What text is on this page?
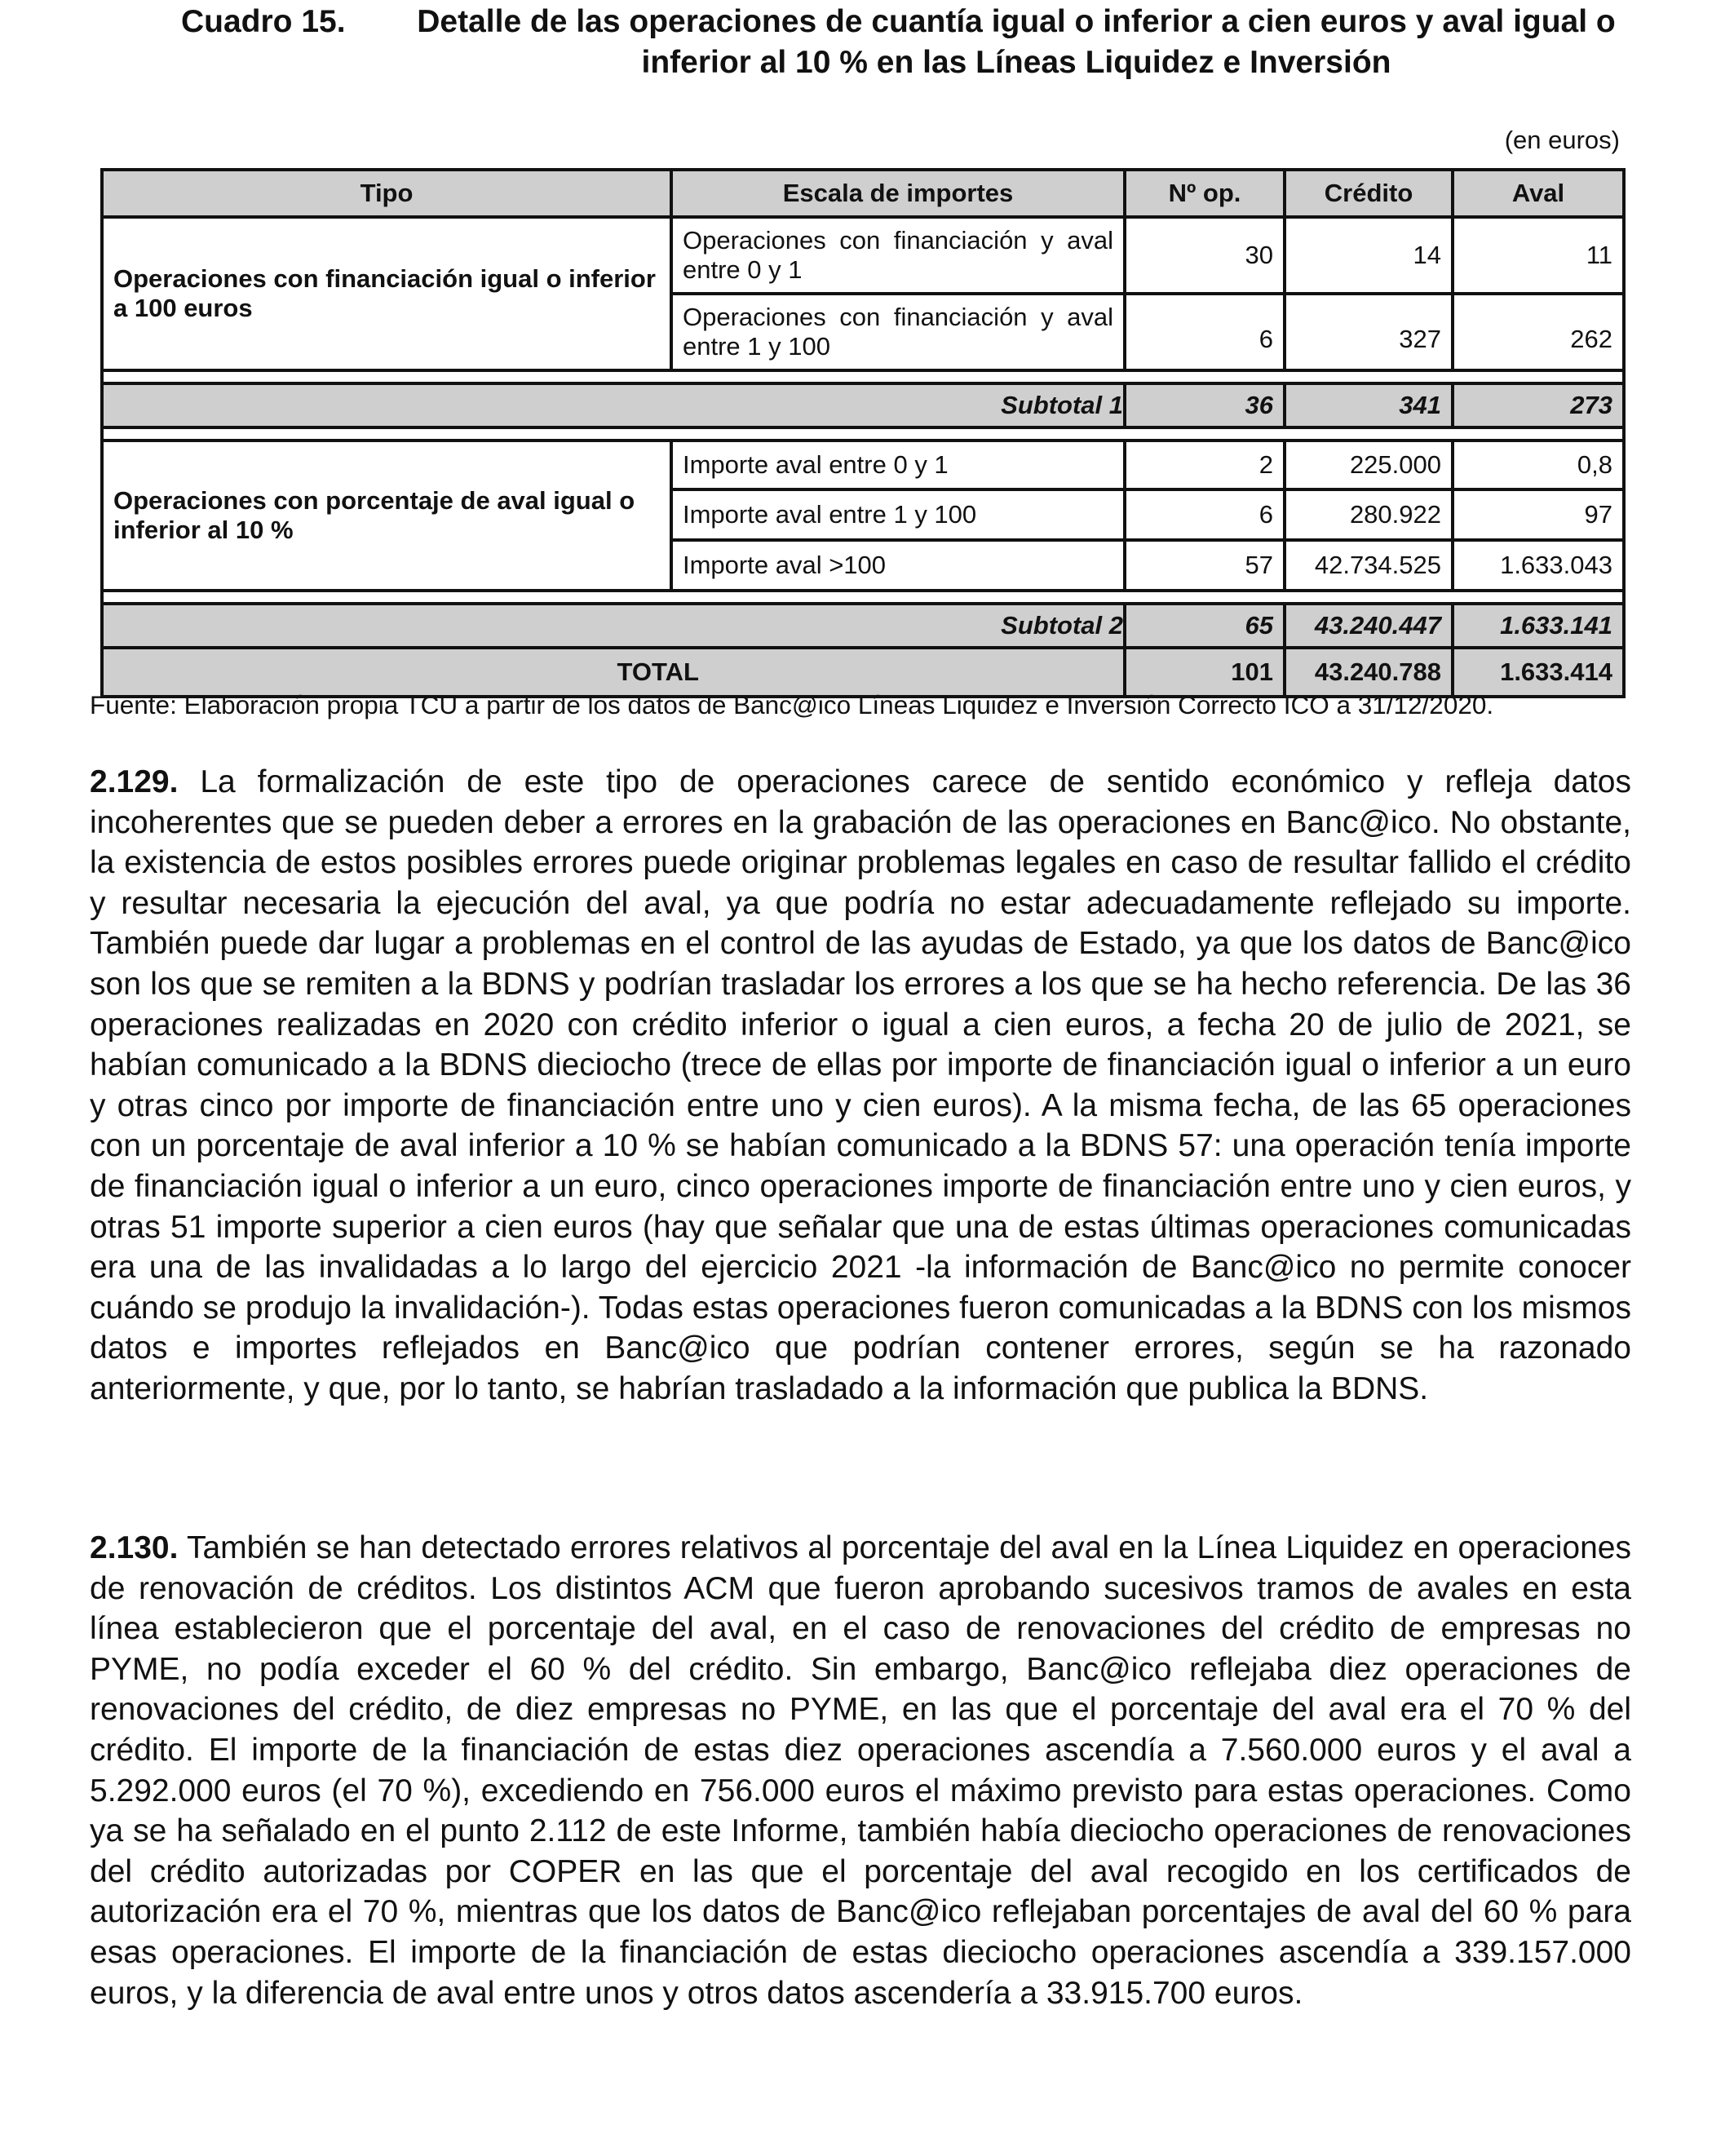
Cuadro 15.	Detalle de las operaciones de cuantía igual o inferior a cien euros y aval igual o inferior al 10 % en las Líneas Liquidez e Inversión
(en euros)
Tipo	Escala de importes	Nº op.	Crédito	Aval
Operaciones con financiación igual o inferior a 100 euros	Operaciones con financiación y aval
entre 0 y 1	30	14	11
	Operaciones con financiación y aval
entre 1 y 100	6	327	262

Subtotal 1		36	341	273

Operaciones con porcentaje de aval igual o inferior al 10 %	Importe aval entre 0 y 1	2	225.000	0,8
	Importe aval entre 1 y 100	6	280.922	97
	Importe aval >100	57	42.734.525	1.633.043

Subtotal 2		65	43.240.447	1.633.141
TOTAL		101	43.240.788	1.633.414
Fuente: Elaboración propia TCU a partir de los datos de Banc@ico Líneas Liquidez e Inversión Correcto ICO a 31/12/2020.

2.129. La formalización de este tipo de operaciones carece de sentido económico y refleja datos incoherentes que se pueden deber a errores en la grabación de las operaciones en Banc@ico. No obstante, la existencia de estos posibles errores puede originar problemas legales en caso de resultar fallido el crédito y resultar necesaria la ejecución del aval, ya que podría no estar adecuadamente reflejado su importe. También puede dar lugar a problemas en el control de las ayudas de Estado, ya que los datos de Banc@ico son los que se remiten a la BDNS y podrían trasladar los errores a los que se ha hecho referencia. De las 36 operaciones realizadas en 2020 con crédito inferior o igual a cien euros, a fecha 20 de julio de 2021, se habían comunicado a la BDNS dieciocho (trece de ellas por importe de financiación igual o inferior a un euro y otras cinco por importe de financiación entre uno y cien euros). A la misma fecha, de las 65 operaciones con un porcentaje de aval inferior a 10 % se habían comunicado a la BDNS 57: una operación tenía importe de financiación igual o inferior a un euro, cinco operaciones importe de financiación entre uno y cien euros, y otras 51 importe superior a cien euros (hay que señalar que una de estas últimas operaciones comunicadas era una de las invalidadas a lo largo del ejercicio 2021 -la información de Banc@ico no permite conocer cuándo se produjo la invalidación-). Todas estas operaciones fueron comunicadas a la BDNS con los mismos datos e importes reflejados en Banc@ico que podrían contener errores, según se ha razonado anteriormente, y que, por lo tanto, se habrían trasladado a la información que publica la BDNS.

2.130. También se han detectado errores relativos al porcentaje del aval en la Línea Liquidez en operaciones de renovación de créditos. Los distintos ACM que fueron aprobando sucesivos tramos de avales en esta línea establecieron que el porcentaje del aval, en el caso de renovaciones del crédito de empresas no PYME, no podía exceder el 60 % del crédito. Sin embargo, Banc@ico reflejaba diez operaciones de renovaciones del crédito, de diez empresas no PYME, en las que el porcentaje del aval era el 70 % del crédito. El importe de la financiación de estas diez operaciones ascendía a 7.560.000 euros y el aval a 5.292.000 euros (el 70 %), excediendo en 756.000 euros el máximo previsto para estas operaciones. Como ya se ha señalado en el punto 2.112 de este Informe, también había dieciocho operaciones de renovaciones del crédito autorizadas por COPER en las que el porcentaje del aval recogido en los certificados de autorización era el 70 %, mientras que los datos de Banc@ico reflejaban porcentajes de aval del 60 % para esas operaciones. El importe de la financiación de estas dieciocho operaciones ascendía a 339.157.000 euros, y la diferencia de aval entre unos y otros datos ascendería a 33.915.700 euros.
